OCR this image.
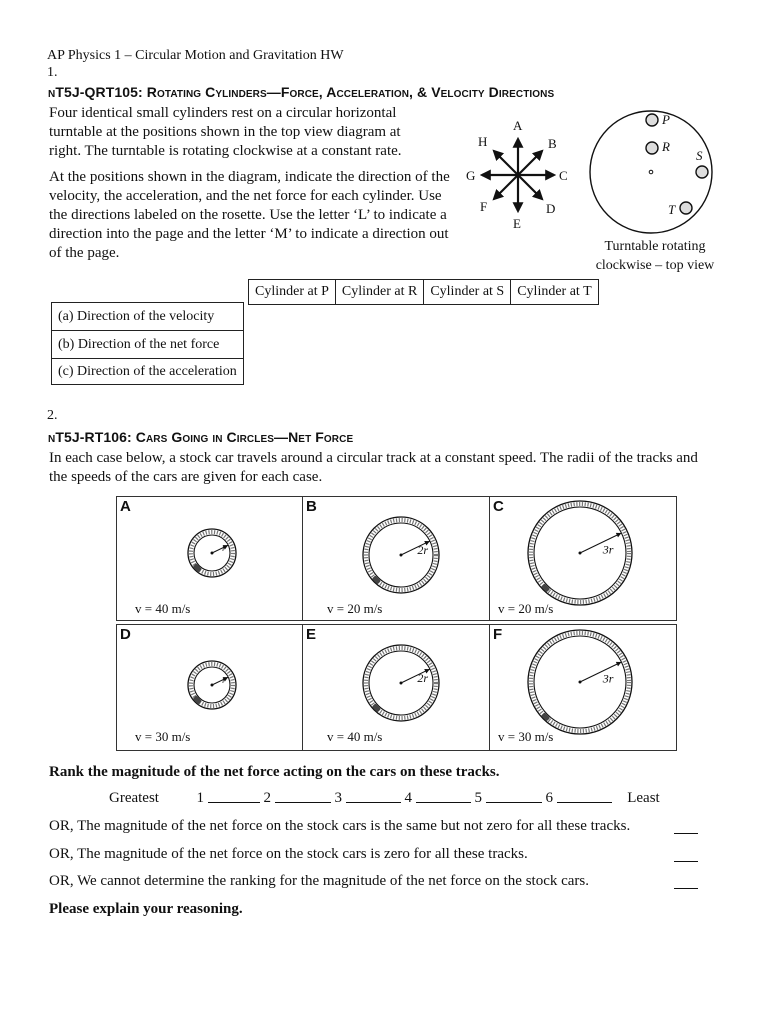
AP Physics 1 – Circular Motion and Gravitation HW
1.
nT5J-QRT105: Rotating Cylinders—Force, Acceleration, & Velocity Directions

Four identical small cylinders rest on a circular horizontal turntable at the positions shown in the top view diagram at right. The turntable is rotating clockwise at a constant rate.

At the positions shown in the diagram, indicate the direction of the velocity, the acceleration, and the net force for each cylinder. Use the directions labeled on the rosette. Use the letter ‘L’ to indicate a direction into the page and the letter ‘M’ to indicate a direction out of the page.

A
B
C
D
E
F
G
H
P
R
S
T
Turntable rotating
clockwise – top view
Cylinder at P	Cylinder at R	Cylinder at S	Cylinder at T
(a) Direction of the velocity
(b) Direction of the net force
(c) Direction of the acceleration
2.
nT5J-RT106: Cars Going in Circles—Net Force

In each case below, a stock car travels around a circular track at a constant speed. The radii of the tracks and the speeds of the cars are given for each case.

A
r
v = 40 m/s
B
2r
v = 20 m/s
C
3r
v = 20 m/s
D
r
v = 30 m/s
E
2r
v = 40 m/s
F
3r
v = 30 m/s
Rank the magnitude of the net force acting on the cars on these tracks.
Greatest	1	2	3	4	5	6	Least
OR, The magnitude of the net force on the stock cars is the same but not zero for all these tracks.
OR, The magnitude of the net force on the stock cars is zero for all these tracks.
OR, We cannot determine the ranking for the magnitude of the net force on the stock cars.
Please explain your reasoning.
